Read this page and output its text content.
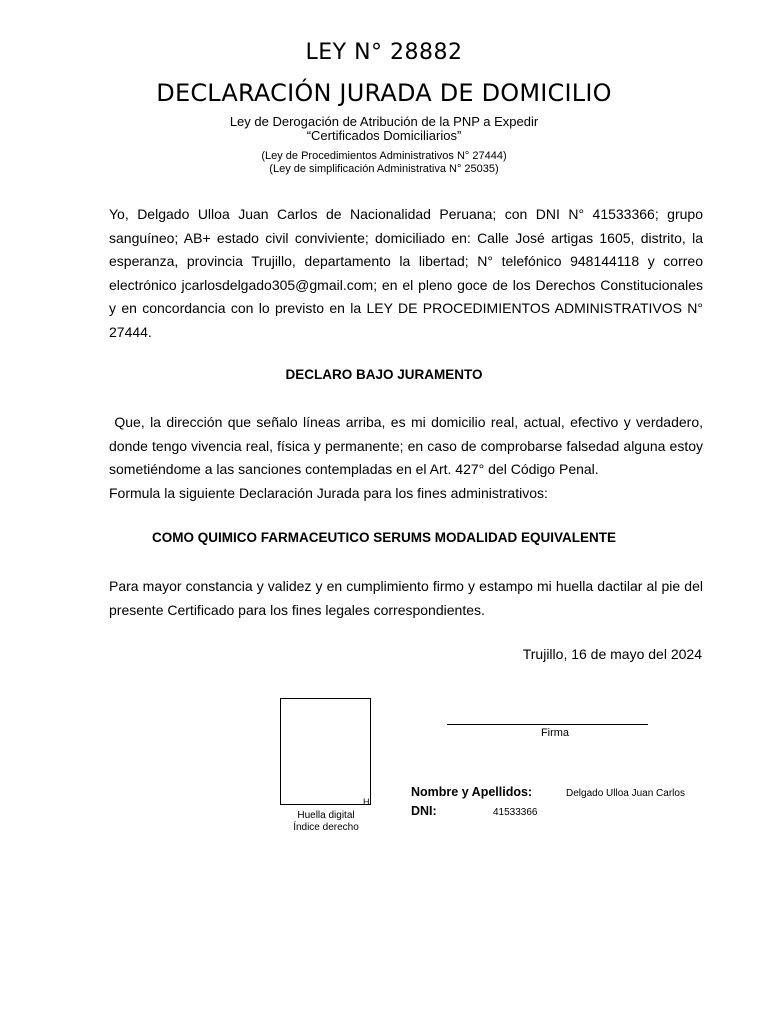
LEY N° 28882
DECLARACIÓN JURADA DE DOMICILIO
Ley de Derogación de Atribución de la PNP a Expedir
“Certificados Domiciliarios”
(Ley de Procedimientos Administrativos N° 27444)
(Ley de simplificación Administrativa N° 25035)

Yo, Delgado Ulloa Juan Carlos de Nacionalidad Peruana; con DNI N° 41533366; grupo sanguíneo; AB+ estado civil conviviente; domiciliado en: Calle José artigas 1605, distrito, la esperanza, provincia Trujillo, departamento la libertad; N° telefónico 948144118 y correo electrónico jcarlosdelgado305@gmail.com; en el pleno goce de los Derechos Constitucionales y en concordancia con lo previsto en la LEY DE PROCEDIMIENTOS ADMINISTRATIVOS N° 27444.

DECLARO BAJO JURAMENTO
Que, la dirección que señalo líneas arriba, es mi domicilio real, actual, efectivo y verdadero, donde tengo vivencia real, física y permanente; en caso de comprobarse falsedad alguna estoy sometiéndome a las sanciones contempladas en el Art. 427° del Código Penal.
Formula la siguiente Declaración Jurada para los fines administrativos:
COMO QUIMICO FARMACEUTICO SERUMS MODALIDAD EQUIVALENTE

Para mayor constancia y validez y en cumplimiento firmo y estampo mi huella dactilar al pie del presente Certificado para los fines legales correspondientes.

Trujillo, 16 de mayo del 2024
H
Huella digital
Índice derecho
Firma
Nombre y Apellidos:	Delgado Ulloa Juan Carlos
DNI:	41533366
